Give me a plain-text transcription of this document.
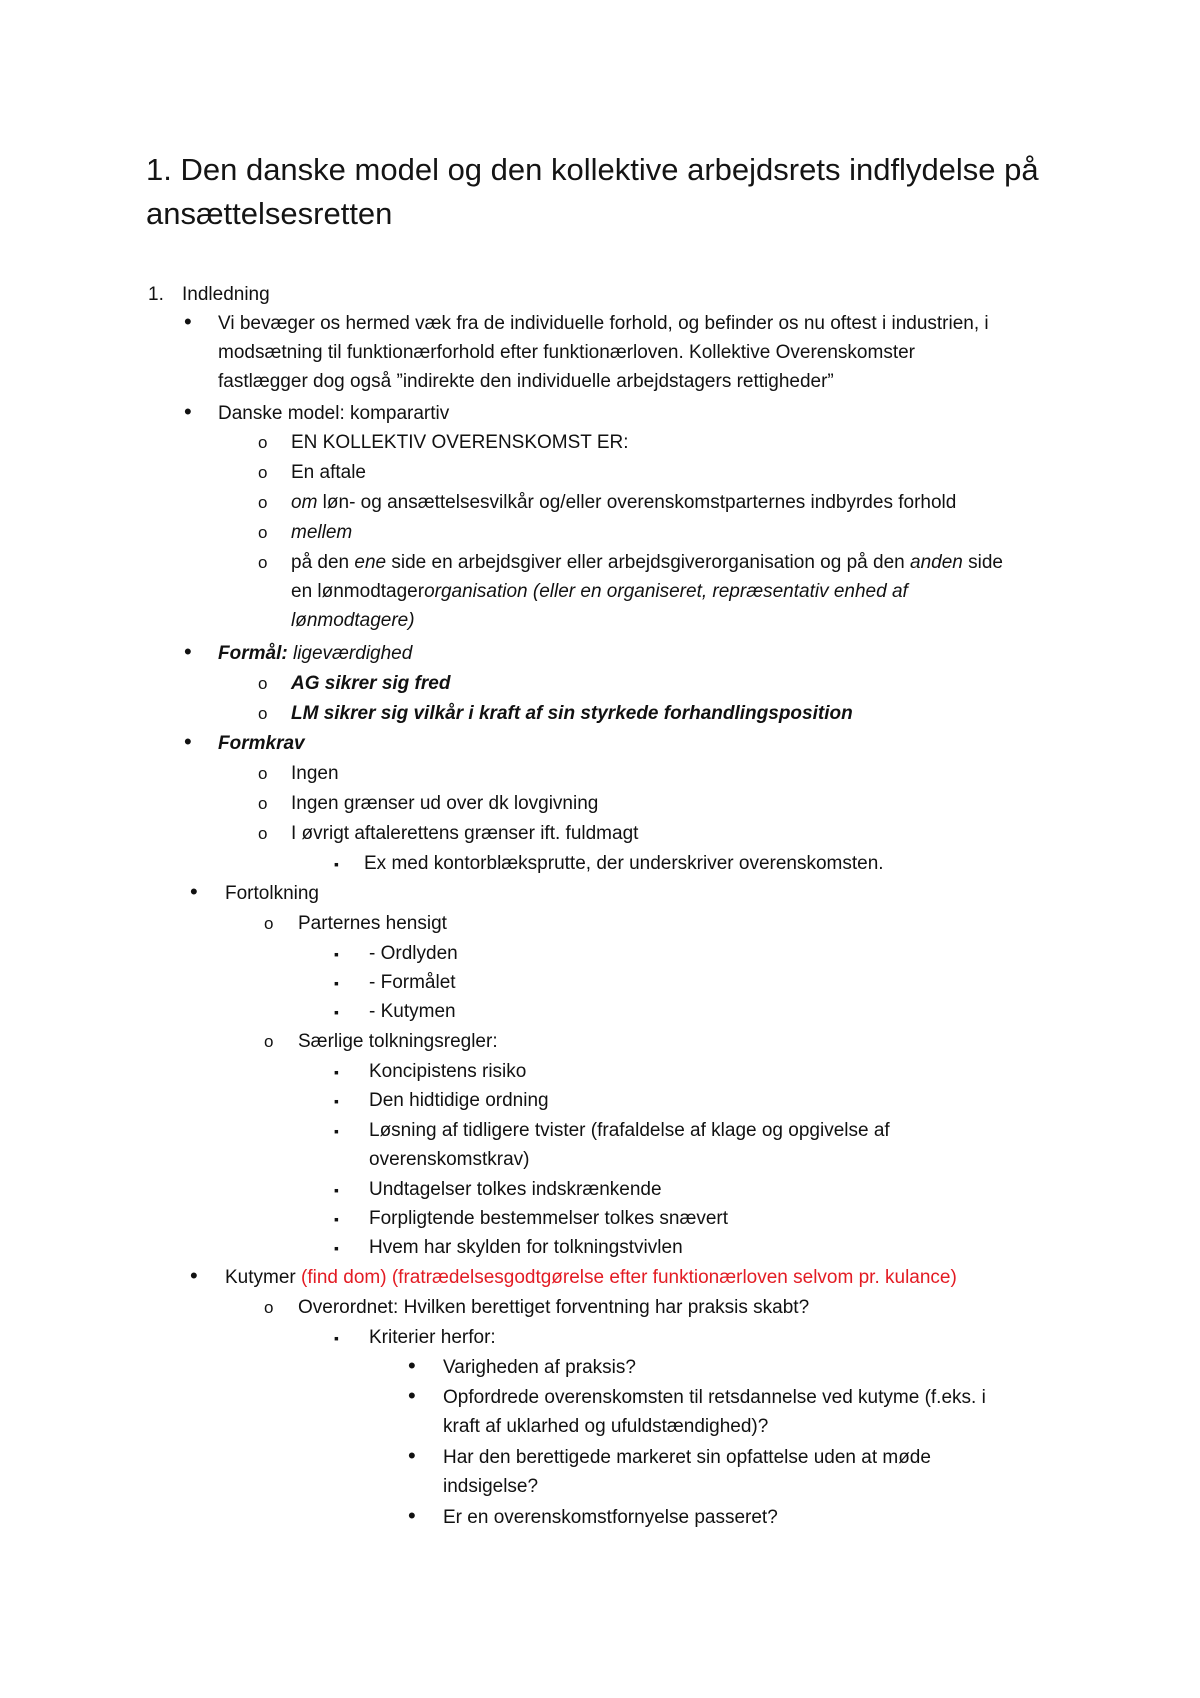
1. Den danske model og den kollektive arbejdsrets indflydelse på ansættelsesretten
1. Indledning
•
Vi bevæger os hermed væk fra de individuelle forhold, og befinder os nu oftest i industrien, i
modsætning til funktionærforhold efter funktionærloven. Kollektive Overenskomster
fastlægger dog også ”indirekte den individuelle arbejdstagers rettigheder”
•
Danske model: komparartiv
o
EN KOLLEKTIV OVERENSKOMST ER:
o
En aftale
o
om løn- og ansættelsesvilkår og/eller overenskomstparternes indbyrdes forhold
o
mellem
o
på den ene side en arbejdsgiver eller arbejdsgiverorganisation og på den anden side
en lønmodtagerorganisation (eller en organiseret, repræsentativ enhed af
lønmodtagere)
•
Formål: ligeværdighed
o
AG sikrer sig fred
o
LM sikrer sig vilkår i kraft af sin styrkede forhandlingsposition
•
Formkrav
o
Ingen
o
Ingen grænser ud over dk lovgivning
o
I øvrigt aftalerettens grænser ift. fuldmagt
▪
Ex med kontorblæksprutte, der underskriver overenskomsten.
•
Fortolkning
o
Parternes hensigt
▪
- Ordlyden
▪
- Formålet
▪
- Kutymen
o
Særlige tolkningsregler:
▪
Koncipistens risiko
▪
Den hidtidige ordning
▪
Løsning af tidligere tvister (frafaldelse af klage og opgivelse af
overenskomstkrav)
▪
Undtagelser tolkes indskrænkende
▪
Forpligtende bestemmelser tolkes snævert
▪
Hvem har skylden for tolkningstvivlen
•
Kutymer (find dom) (fratrædelsesgodtgørelse efter funktionærloven selvom pr. kulance)
o
Overordnet: Hvilken berettiget forventning har praksis skabt?
▪
Kriterier herfor:
•
Varigheden af praksis?
•
Opfordrede overenskomsten til retsdannelse ved kutyme (f.eks. i
kraft af uklarhed og ufuldstændighed)?
•
Har den berettigede markeret sin opfattelse uden at møde
indsigelse?
•
Er en overenskomstfornyelse passeret?
